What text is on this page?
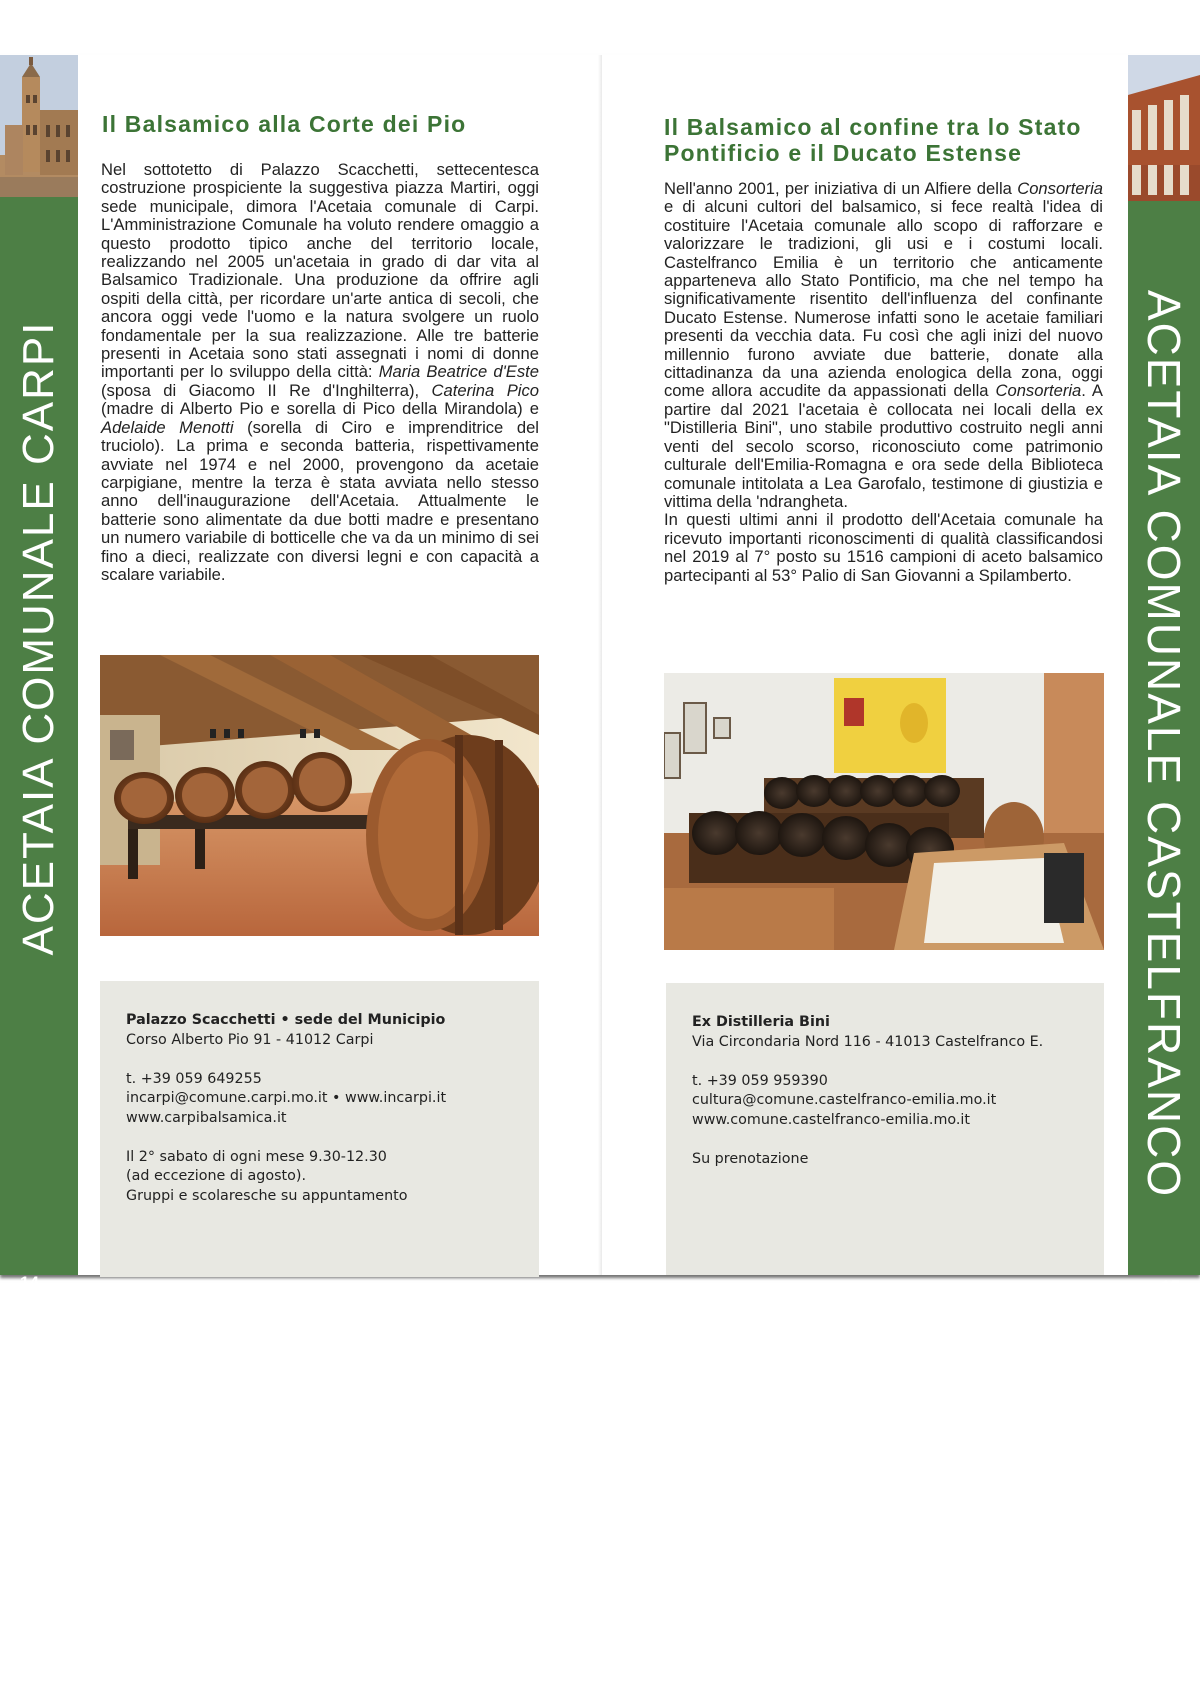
ACETAIA COMUNALE CARPI
14
ACETAIA COMUNALE CASTELFRANCO
15
Il Balsamico alla Corte dei Pio

Nel sottotetto di Palazzo Scacchetti, settecentesca costruzione prospiciente la suggestiva piazza Martiri, oggi sede municipale, dimora l'Acetaia comunale di Carpi. L'Amministrazione Comunale ha voluto rendere omaggio a questo prodotto tipico anche del territorio locale, realizzando nel 2005 un'acetaia in grado di dar vita al Balsamico Tradizionale. Una produzione da offrire agli ospiti della città, per ricordare un'arte antica di secoli, che ancora oggi vede l'uomo e la natura svolgere un ruolo fondamentale per la sua realizzazione. Alle tre batterie presenti in Acetaia sono stati assegnati i nomi di donne importanti per lo sviluppo della città: Maria Beatrice d'Este (sposa di Giacomo II Re d'Inghilterra), Caterina Pico (madre di Alberto Pio e sorella di Pico della Mirandola) e Adelaide Menotti (sorella di Ciro e imprenditrice del truciolo). La prima e seconda batteria, rispettivamente avviate nel 1974 e nel 2000, provengono da acetaie carpigiane, mentre la terza è stata avviata nello stesso anno dell'inaugurazione dell'Acetaia. Attualmente le batterie sono alimentate da due botti madre e presentano un numero variabile di botticelle che va da un minimo di sei fino a dieci, realizzate con diversi legni e con capacità a scalare variabile.

Palazzo Scacchetti • sede del Municipio
Corso Alberto Pio 91 - 41012 Carpi
t. +39 059 649255
incarpi@comune.carpi.mo.it • www.incarpi.it
www.carpibalsamica.it
Il 2° sabato di ogni mese 9.30-12.30
(ad eccezione di agosto).
Gruppi e scolaresche su appuntamento
Il Balsamico al confine tra lo Stato Pontificio e il Ducato Estense

Nell'anno 2001, per iniziativa di un Alfiere della Consorteria e di alcuni cultori del balsamico, si fece realtà l'idea di costituire l'Acetaia comunale allo scopo di rafforzare e valorizzare le tradizioni, gli usi e i costumi locali. Castelfranco Emilia è un territorio che anticamente apparteneva allo Stato Pontificio, ma che nel tempo ha significativamente risentito dell'influenza del confinante Ducato Estense. Numerose infatti sono le acetaie familiari presenti da vecchia data. Fu così che agli inizi del nuovo millennio furono avviate due batterie, donate alla cittadinanza da una azienda enologica della zona, oggi come allora accudite da appassionati della Consorteria. A partire dal 2021 l'acetaia è collocata nei locali della ex "Distilleria Bini", uno stabile produttivo costruito negli anni venti del secolo scorso, riconosciuto come patrimonio culturale dell'Emilia-Romagna e ora sede della Biblioteca comunale intitolata a Lea Garofalo, testimone di giustizia e vittima della 'ndrangheta.

In questi ultimi anni il prodotto dell'Acetaia comunale ha ricevuto importanti riconoscimenti di qualità classificandosi nel 2019 al 7° posto su 1516 campioni di aceto balsamico partecipanti al 53° Palio di San Giovanni a Spilamberto.

Ex Distilleria Bini
Via Circondaria Nord 116 - 41013 Castelfranco E.
t. +39 059 959390
cultura@comune.castelfranco-emilia.mo.it
www.comune.castelfranco-emilia.mo.it
Su prenotazione
